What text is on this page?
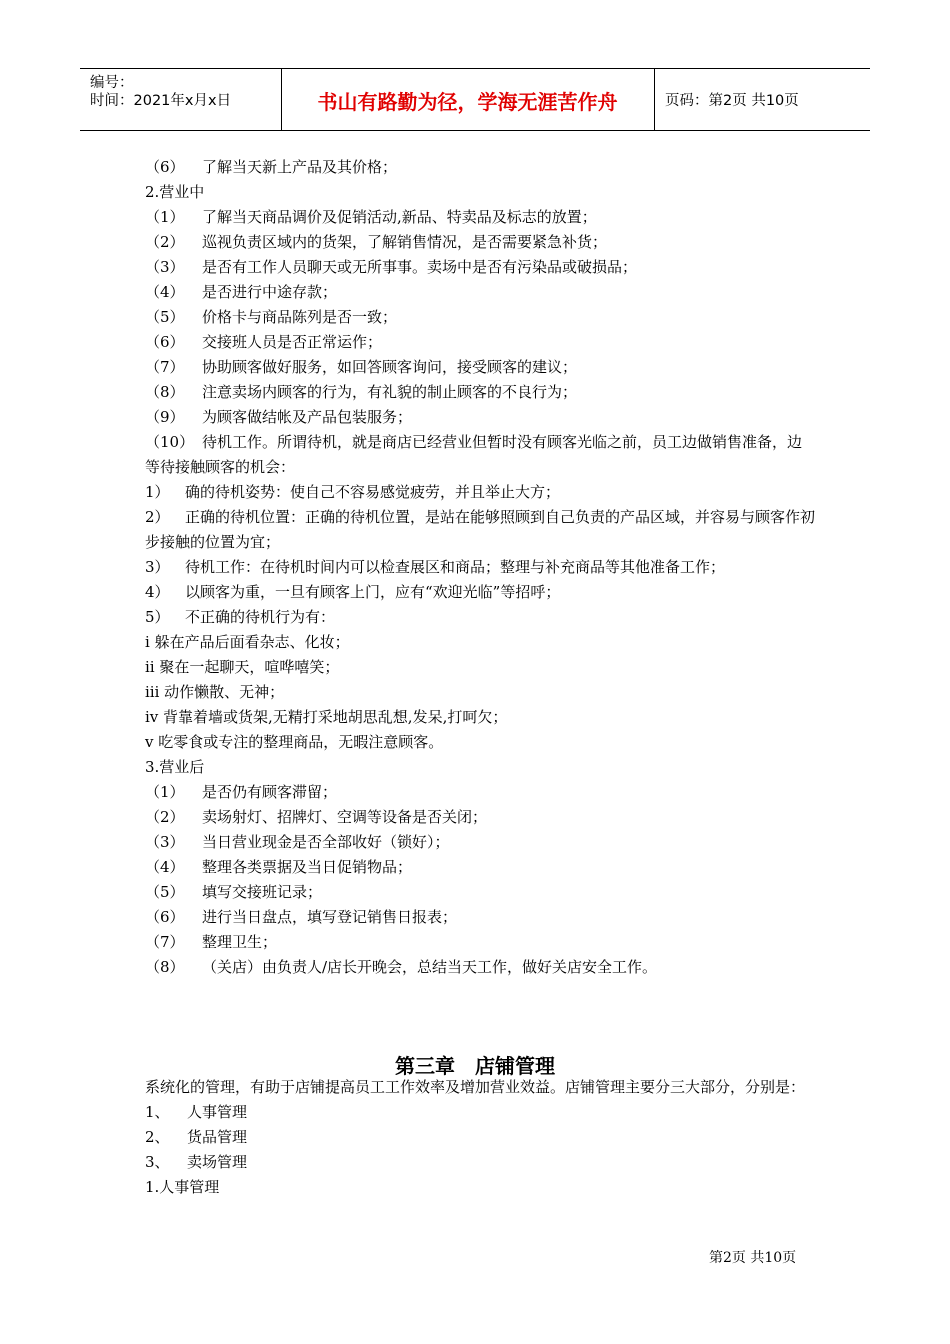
编号：
时间：2021年x月x日	书山有路勤为径，学海无涯苦作舟	页码：第2页 共10页
（6） 了解当天新上产品及其价格；
2.营业中
（1） 了解当天商品调价及促销活动,新品、特卖品及标志的放置；
（2） 巡视负责区域内的货架，了解销售情况，是否需要紧急补货；
（3） 是否有工作人员聊天或无所事事。卖场中是否有污染品或破损品；
（4） 是否进行中途存款；
（5） 价格卡与商品陈列是否一致；
（6） 交接班人员是否正常运作；
（7） 协助顾客做好服务，如回答顾客询问，接受顾客的建议；
（8） 注意卖场内顾客的行为，有礼貌的制止顾客的不良行为；
（9） 为顾客做结帐及产品包装服务；
（10） 待机工作。所谓待机，就是商店已经营业但暂时没有顾客光临之前，员工边做销售准备，边等待接触顾客的机会：
1） 确的待机姿势：使自己不容易感觉疲劳，并且举止大方；
2） 正确的待机位置：正确的待机位置，是站在能够照顾到自己负责的产品区域，并容易与顾客作初步接触的位置为宜；
3） 待机工作：在待机时间内可以检查展区和商品；整理与补充商品等其他准备工作；
4） 以顾客为重，一旦有顾客上门，应有“欢迎光临”等招呼；
5） 不正确的待机行为有：
ⅰ 躲在产品后面看杂志、化妆；
ⅱ 聚在一起聊天，喧哗嘻笑；
ⅲ 动作懒散、无神；
ⅳ 背靠着墙或货架,无精打采地胡思乱想,发呆,打呵欠；
ⅴ 吃零食或专注的整理商品，无暇注意顾客。
3.营业后
（1） 是否仍有顾客滞留；
（2） 卖场射灯、招牌灯、空调等设备是否关闭；
（3） 当日营业现金是否全部收好（锁好）；
（4） 整理各类票据及当日促销物品；
（5） 填写交接班记录；
（6） 进行当日盘点，填写登记销售日报表；
（7） 整理卫生；
（8） （关店）由负责人/店长开晚会，总结当天工作，做好关店安全工作。
第三章　店铺管理
系统化的管理，有助于店铺提高员工工作效率及增加营业效益。店铺管理主要分三大部分，分别是：
1、 人事管理
2、 货品管理
3、 卖场管理
1.人事管理
第2页 共10页
